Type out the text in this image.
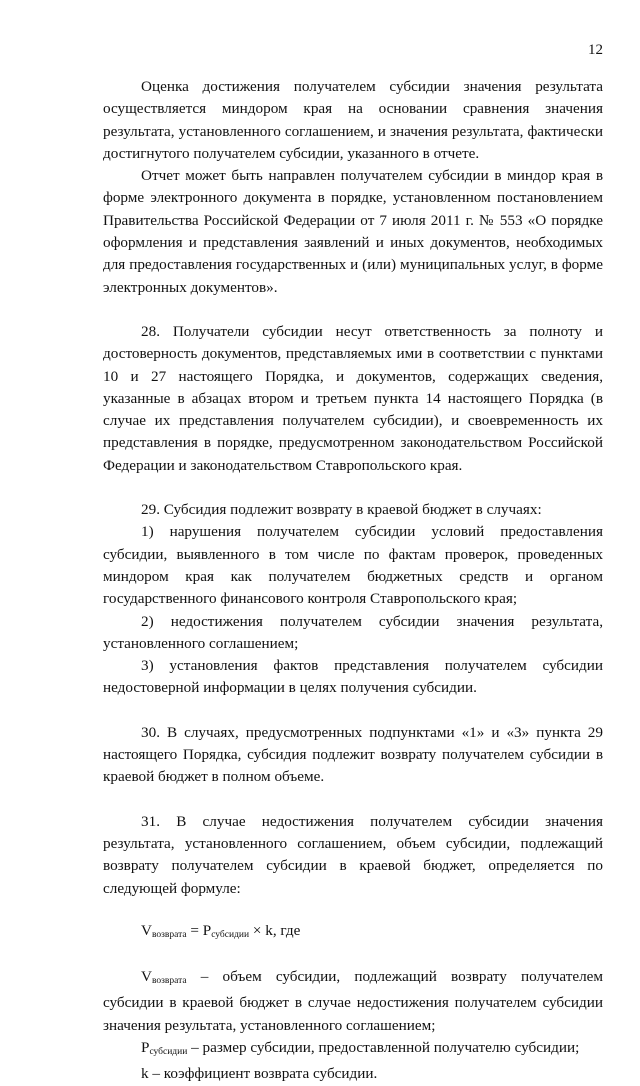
12

Оценка достижения получателем субсидии значения результата осуществляется миндором края на основании сравнения значения результата, установленного соглашением, и значения результата, фактически достигнутого получателем субсидии, указанного в отчете.

Отчет может быть направлен получателем субсидии в миндор края в форме электронного документа в порядке, установленном постановлением Правительства Российской Федерации от 7 июля 2011 г. № 553 «О порядке оформления и представления заявлений и иных документов, необходимых для предоставления государственных и (или) муниципальных услуг, в форме электронных документов».

28. Получатели субсидии несут ответственность за полноту и достоверность документов, представляемых ими в соответствии с пунктами 10 и 27 настоящего Порядка, и документов, содержащих сведения, указанные в абзацах втором и третьем пункта 14 настоящего Порядка (в случае их представления получателем субсидии), и своевременность их представления в порядке, предусмотренном законодательством Российской Федерации и законодательством Ставропольского края.

29. Субсидия подлежит возврату в краевой бюджет в случаях:

1) нарушения получателем субсидии условий предоставления субсидии, выявленного в том числе по фактам проверок, проведенных миндором края как получателем бюджетных средств и органом государственного финансового контроля Ставропольского края;

2) недостижения получателем субсидии значения результата, установленного соглашением;

3) установления фактов представления получателем субсидии недостоверной информации в целях получения субсидии.

30. В случаях, предусмотренных подпунктами «1» и «3» пункта 29 настоящего Порядка, субсидия подлежит возврату получателем субсидии в краевой бюджет в полном объеме.

31. В случае недостижения получателем субсидии значения результата, установленного соглашением, объем субсидии, подлежащий возврату получателем субсидии в краевой бюджет, определяется по следующей формуле:

$V_{возврата} = P_{субсидии} \times k$, где

$V_{возврата}$ – объем субсидии, подлежащий возврату получателем субсидии в краевой бюджет в случае недостижения получателем субсидии значения результата, установленного соглашением;

$P_{субсидии}$ – размер субсидии, предоставленной получателю субсидии;

k – коэффициент возврата субсидии.
